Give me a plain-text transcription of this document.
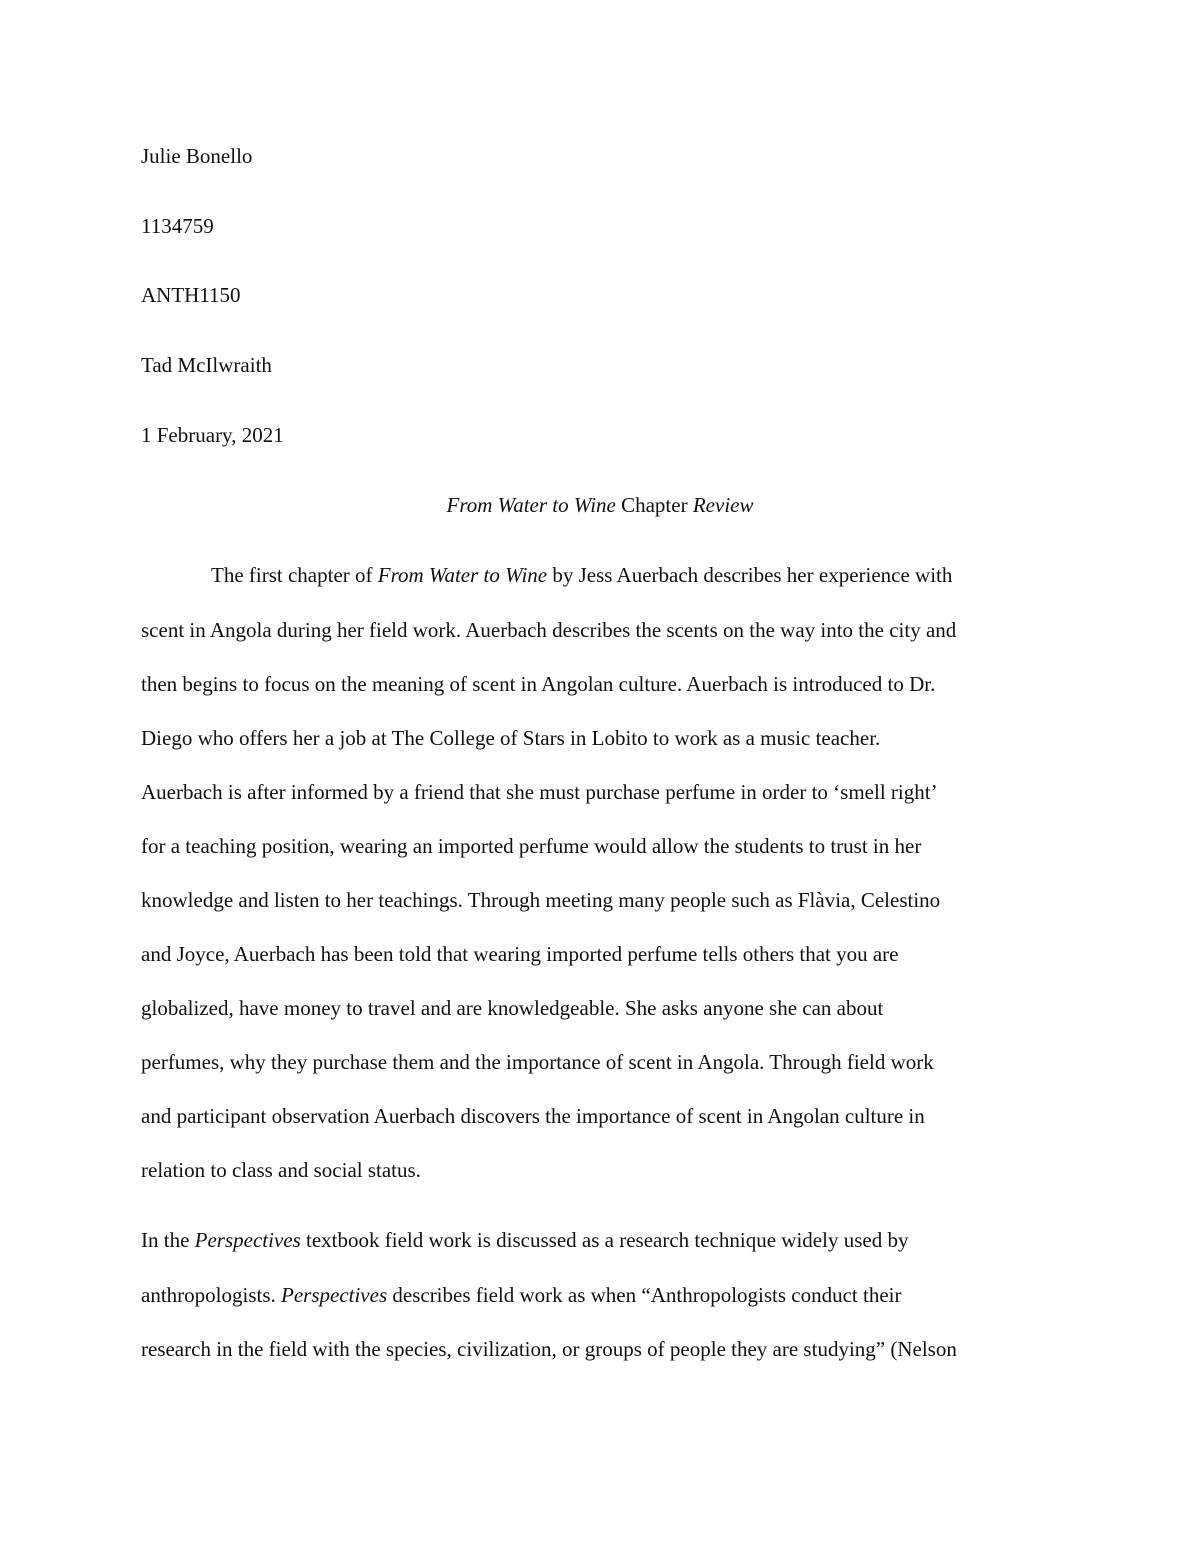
Julie Bonello
1134759
ANTH1150
Tad McIlwraith
1 February, 2021
From Water to Wine Chapter Review
The first chapter of From Water to Wine by Jess Auerbach describes her experience with
scent in Angola during her field work. Auerbach describes the scents on the way into the city and
then begins to focus on the meaning of scent in Angolan culture. Auerbach is introduced to Dr.
Diego who offers her a job at The College of Stars in Lobito to work as a music teacher.
Auerbach is after informed by a friend that she must purchase perfume in order to ‘smell right’
for a teaching position, wearing an imported perfume would allow the students to trust in her
knowledge and listen to her teachings. Through meeting many people such as Flàvia, Celestino
and Joyce, Auerbach has been told that wearing imported perfume tells others that you are
globalized, have money to travel and are knowledgeable. She asks anyone she can about
perfumes, why they purchase them and the importance of scent in Angola. Through field work
and participant observation Auerbach discovers the importance of scent in Angolan culture in
relation to class and social status.
In the Perspectives textbook field work is discussed as a research technique widely used by
anthropologists. Perspectives describes field work as when “Anthropologists conduct their
research in the field with the species, civilization, or groups of people they are studying” (Nelson
